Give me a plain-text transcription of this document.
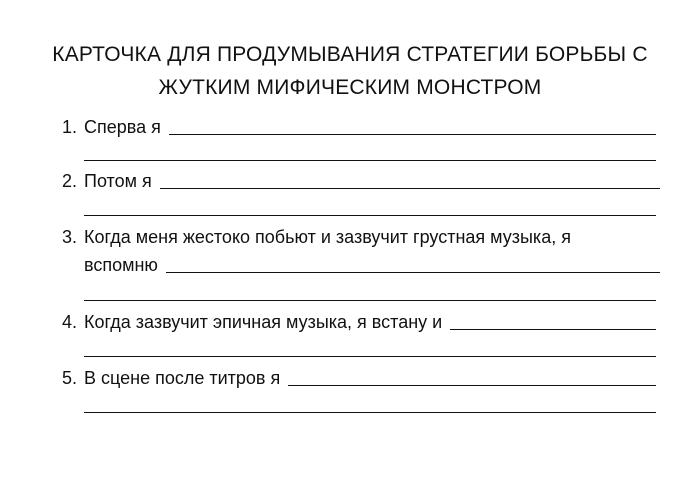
КАРТОЧКА ДЛЯ ПРОДУМЫВАНИЯ СТРАТЕГИИ БОРЬБЫ С
ЖУТКИМ МИФИЧЕСКИМ МОНСТРОМ
1. Сперва я
2. Потом я
3. Когда меня жестоко побьют и зазвучит грустная музыка, я
вспомню
4. Когда зазвучит эпичная музыка, я встану и
5. В сцене после титров я
